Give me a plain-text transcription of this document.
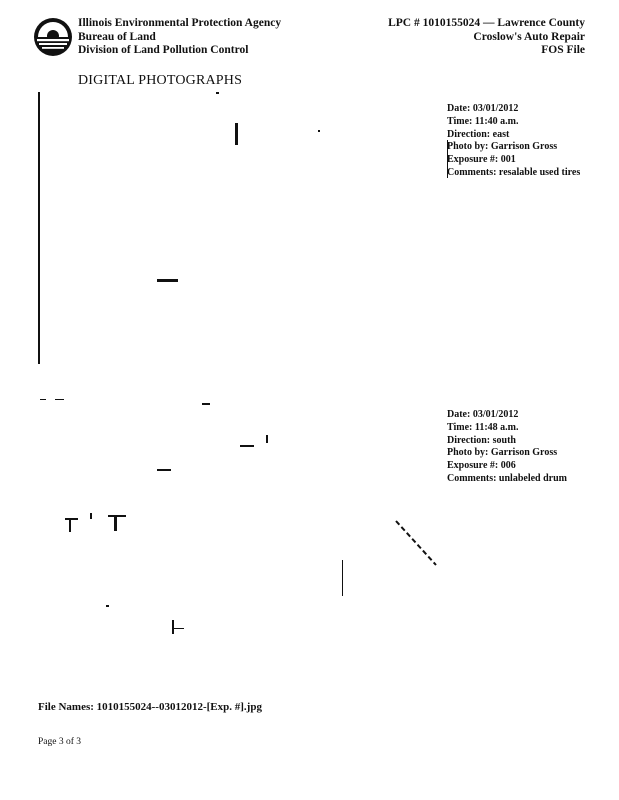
Illinois Environmental Protection Agency
Bureau of Land
Division of Land Pollution Control
LPC # 1010155024 — Lawrence County
Croslow's Auto Repair
FOS File
DIGITAL PHOTOGRAPHS
Date: 03/01/2012
Time: 11:40 a.m.
Direction: east
Photo by: Garrison Gross
Exposure #: 001
Comments: resalable used tires
Date: 03/01/2012
Time: 11:48 a.m.
Direction: south
Photo by: Garrison Gross
Exposure #: 006
Comments: unlabeled drum
File Names: 1010155024--03012012-[Exp. #].jpg
Page 3 of 3
